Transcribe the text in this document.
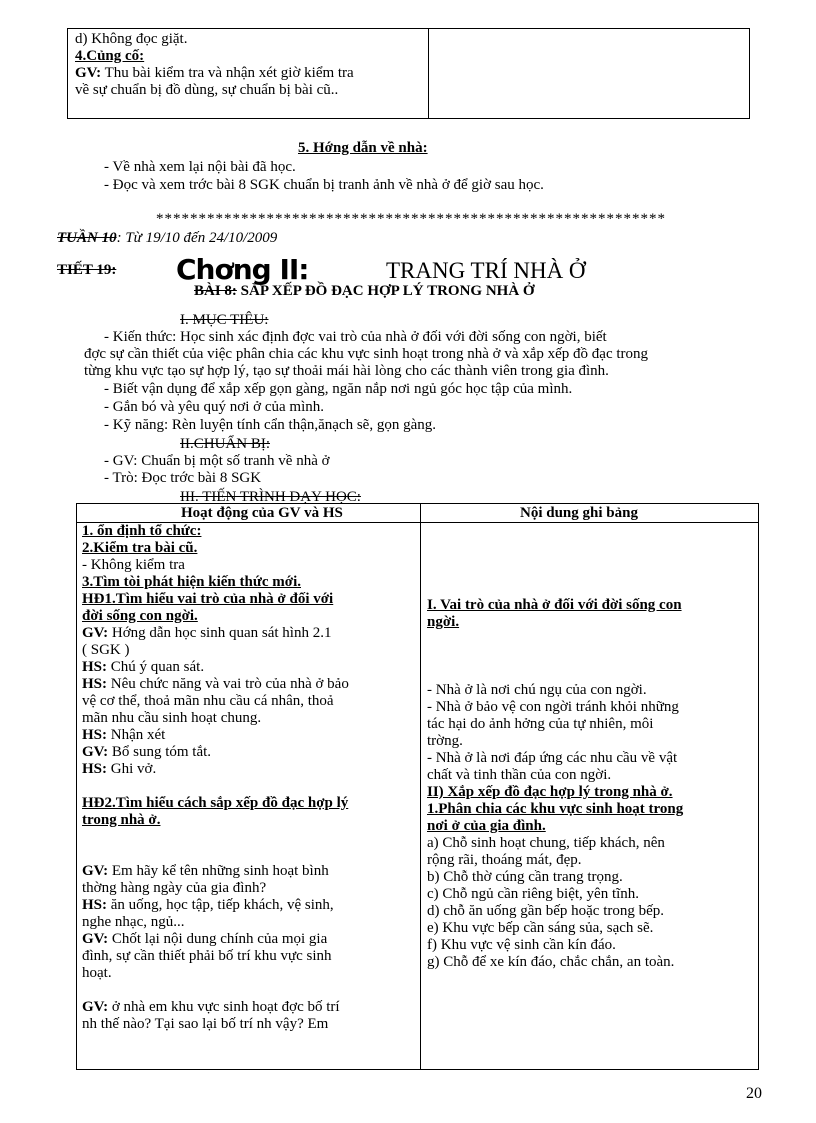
d) Không đọc giặt.
4.Củng cố:
GV: Thu bài kiểm tra và nhận xét giờ kiểm tra
về sự chuẩn bị đồ dùng, sự chuẩn bị bài cũ..
5. Hớng dẫn về nhà:
- Về nhà xem lại nội bài đã học.
- Đọc và xem trớc bài 8 SGK chuẩn bị tranh ảnh về nhà ở để giờ sau học.
************************************************************
TUẦN 10: Từ 19/10 đến 24/10/2009
TIẾT 19: Chơng II:	TRANG TRÍ NHÀ Ở
BÀI 8: SẮP XẾP ĐỒ ĐẠC HỢP LÝ TRONG NHÀ Ở
I. MỤC TIÊU:
- Kiến thức: Học sinh xác định đợc vai trò của nhà ở đối với đời sống con ngời, biết
đợc sự cần thiết của việc phân chia các khu vực sinh hoạt trong nhà ở và xắp xếp đồ đạc trong
từng khu vực tạo sự hợp lý, tạo sự thoải mái hài lòng cho các thành viên trong gia đình.
- Biết vận dụng để xắp xếp gọn gàng, ngăn nắp nơi ngủ góc học tập của mình.
- Gắn bó và yêu quý nơi ở của mình.
- Kỹ năng: Rèn luyện tính cẩn thận,ănạch sẽ, gọn gàng.
II.CHUẨN BỊ:
- GV: Chuẩn bị một số tranh về nhà ở
- Trò: Đọc trớc bài 8 SGK
III. TIẾN TRÌNH DẠY HỌC:
Hoạt động của GV và HS	Nội dung ghi bảng
1. ổn định tổ chức:
2.Kiểm tra bài cũ.
- Không kiểm tra
3.Tìm tòi phát hiện kiến thức mới.
HĐ1.Tìm hiểu vai trò của nhà ở đối với
đời sống con ngời.
GV: Hớng dẫn học sinh quan sát hình 2.1
( SGK )
HS: Chú ý quan sát.
HS: Nêu chức năng và vai trò của nhà ở bảo
vệ cơ thể, thoả mãn nhu cầu cá nhân, thoả
mãn nhu cầu sinh hoạt chung.
HS: Nhận xét
GV: Bổ sung tóm tắt.
HS: Ghi vở.
HĐ2.Tìm hiểu cách sắp xếp đồ đạc hợp lý
trong nhà ở.
GV: Em hãy kể tên những sinh hoạt bình
thờng hàng ngày của gia đình?
HS: ăn uống, học tập, tiếp khách, vệ sinh,
nghe nhạc, ngủ...
GV: Chốt lại nội dung chính của mọi gia
đình, sự cần thiết phải bố trí khu vực sinh
hoạt.
GV: ở nhà em khu vực sinh hoạt đợc bố trí
nh thế nào? Tại sao lại bố trí nh vậy? Em
I. Vai trò của nhà ở đối với đời sống con
ngời.
- Nhà ở là nơi chú ngụ của con ngời.
- Nhà ở bảo vệ con ngời tránh khỏi những
tác hại do ảnh hởng của tự nhiên, môi
trờng.
- Nhà ở là nơi đáp ứng các nhu cầu về vật
chất và tinh thần của con ngời.
II) Xắp xếp đồ đạc hợp lý trong nhà ở.
1.Phân chia các khu vực sinh hoạt trong
nơi ở của gia đình.
a) Chỗ sinh hoạt chung, tiếp khách, nên
rộng rãi, thoáng mát, đẹp.
b) Chỗ thờ cúng cần trang trọng.
c) Chỗ ngủ cần riêng biệt, yên tĩnh.
d) chỗ ăn uống gần bếp hoặc trong bếp.
e) Khu vực bếp cần sáng sủa, sạch sẽ.
f) Khu vực vệ sinh cần kín đáo.
g) Chỗ để xe kín đáo, chắc chắn, an toàn.
20
